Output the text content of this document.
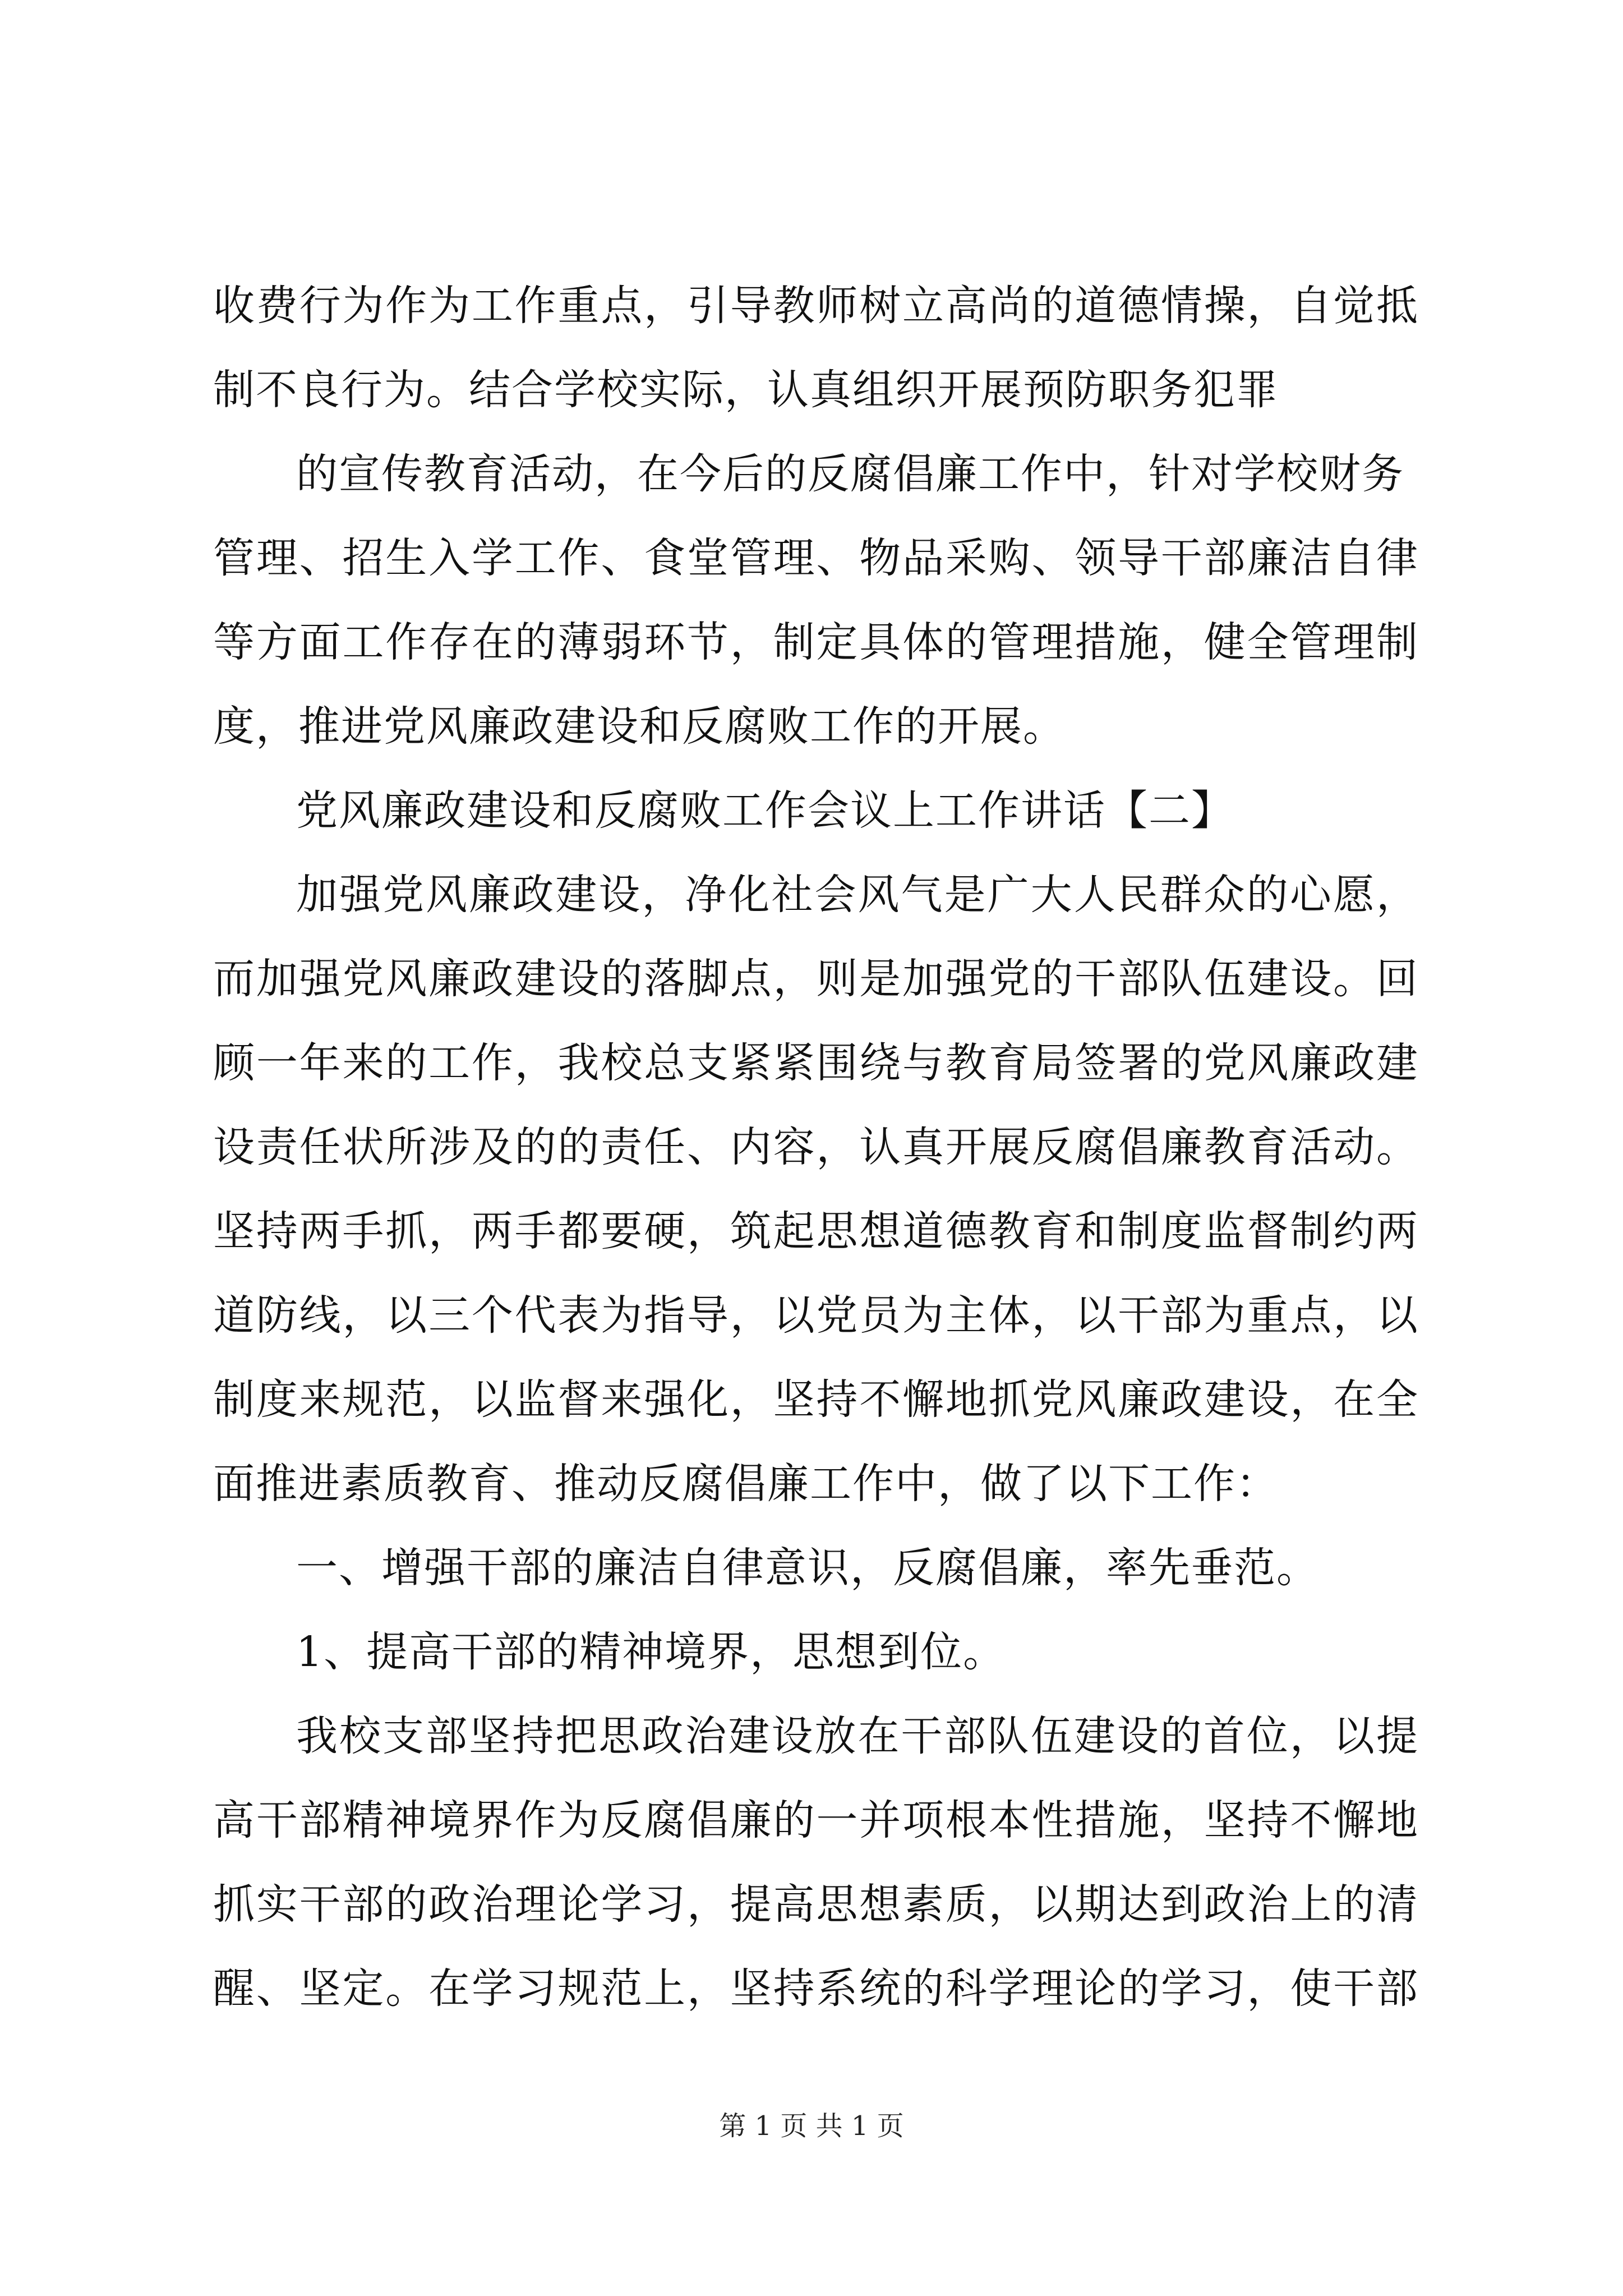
收费行为作为工作重点，引导教师树立高尚的道德情操，自觉抵
制不良行为。结合学校实际，认真组织开展预防职务犯罪
的宣传教育活动，在今后的反腐倡廉工作中，针对学校财务
管理、招生入学工作、食堂管理、物品采购、领导干部廉洁自律
等方面工作存在的薄弱环节，制定具体的管理措施，健全管理制
度，推进党风廉政建设和反腐败工作的开展。
党风廉政建设和反腐败工作会议上工作讲话【二】
加强党风廉政建设，净化社会风气是广大人民群众的心愿，
而加强党风廉政建设的落脚点，则是加强党的干部队伍建设。回
顾一年来的工作，我校总支紧紧围绕与教育局签署的党风廉政建
设责任状所涉及的的责任、内容，认真开展反腐倡廉教育活动。
坚持两手抓，两手都要硬，筑起思想道德教育和制度监督制约两
道防线，以三个代表为指导，以党员为主体，以干部为重点，以
制度来规范，以监督来强化，坚持不懈地抓党风廉政建设，在全
面推进素质教育、推动反腐倡廉工作中，做了以下工作：
一、增强干部的廉洁自律意识，反腐倡廉，率先垂范。
1、提高干部的精神境界，思想到位。
我校支部坚持把思政治建设放在干部队伍建设的首位，以提
高干部精神境界作为反腐倡廉的一并项根本性措施，坚持不懈地
抓实干部的政治理论学习，提高思想素质，以期达到政治上的清
醒、坚定。在学习规范上，坚持系统的科学理论的学习，使干部
第 1 页 共 1 页
